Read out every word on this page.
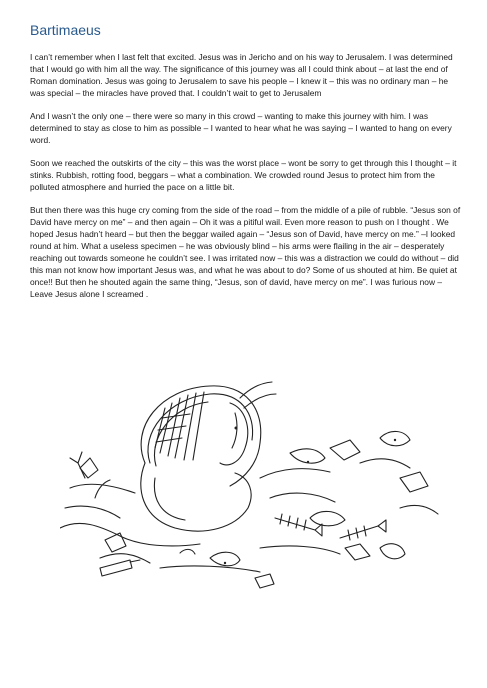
Bartimaeus

I can’t remember when I last felt that excited. Jesus was in Jericho and on his way to Jerusalem. I was determined that I would go with him all the way. The significance of this journey was all I could think about – at last the end of Roman domination. Jesus was going to Jerusalem to save his people – I knew it – this was no ordinary man – he was special – the miracles have proved that. I couldn’t wait to get to Jerusalem

And I wasn’t the only one – there were so many in this crowd – wanting to make this journey with him. I was determined to stay as close to him as possible – I wanted to hear what he was saying – I wanted to hang on every word.

Soon we reached the outskirts of the city – this was the worst place – wont be sorry to get through this I thought – it stinks. Rubbish, rotting food, beggars – what a combination. We crowded round Jesus to protect him from the polluted atmosphere and hurried the pace on a little bit.

But then there was this huge cry coming from the side of the road – from the middle of a pile of rubble. “Jesus son of David have mercy on me” – and then again – Oh it was a pitiful wail. Even more reason to push on I thought . We hoped Jesus hadn’t heard – but then the beggar wailed again – “Jesus son of David, have mercy on me.” –I looked round at him. What a useless specimen – he was obviously blind – his arms were flailing in the air – desperately reaching out towards someone he couldn’t see. I was irritated now – this was a distraction we could do without – did this man not know how important Jesus was, and what he was about to do? Some of us shouted at him. Be quiet at once!! But then he shouted again the same thing, “Jesus, son of david, have mercy on me”. I was furious now – Leave Jesus alone I screamed .
